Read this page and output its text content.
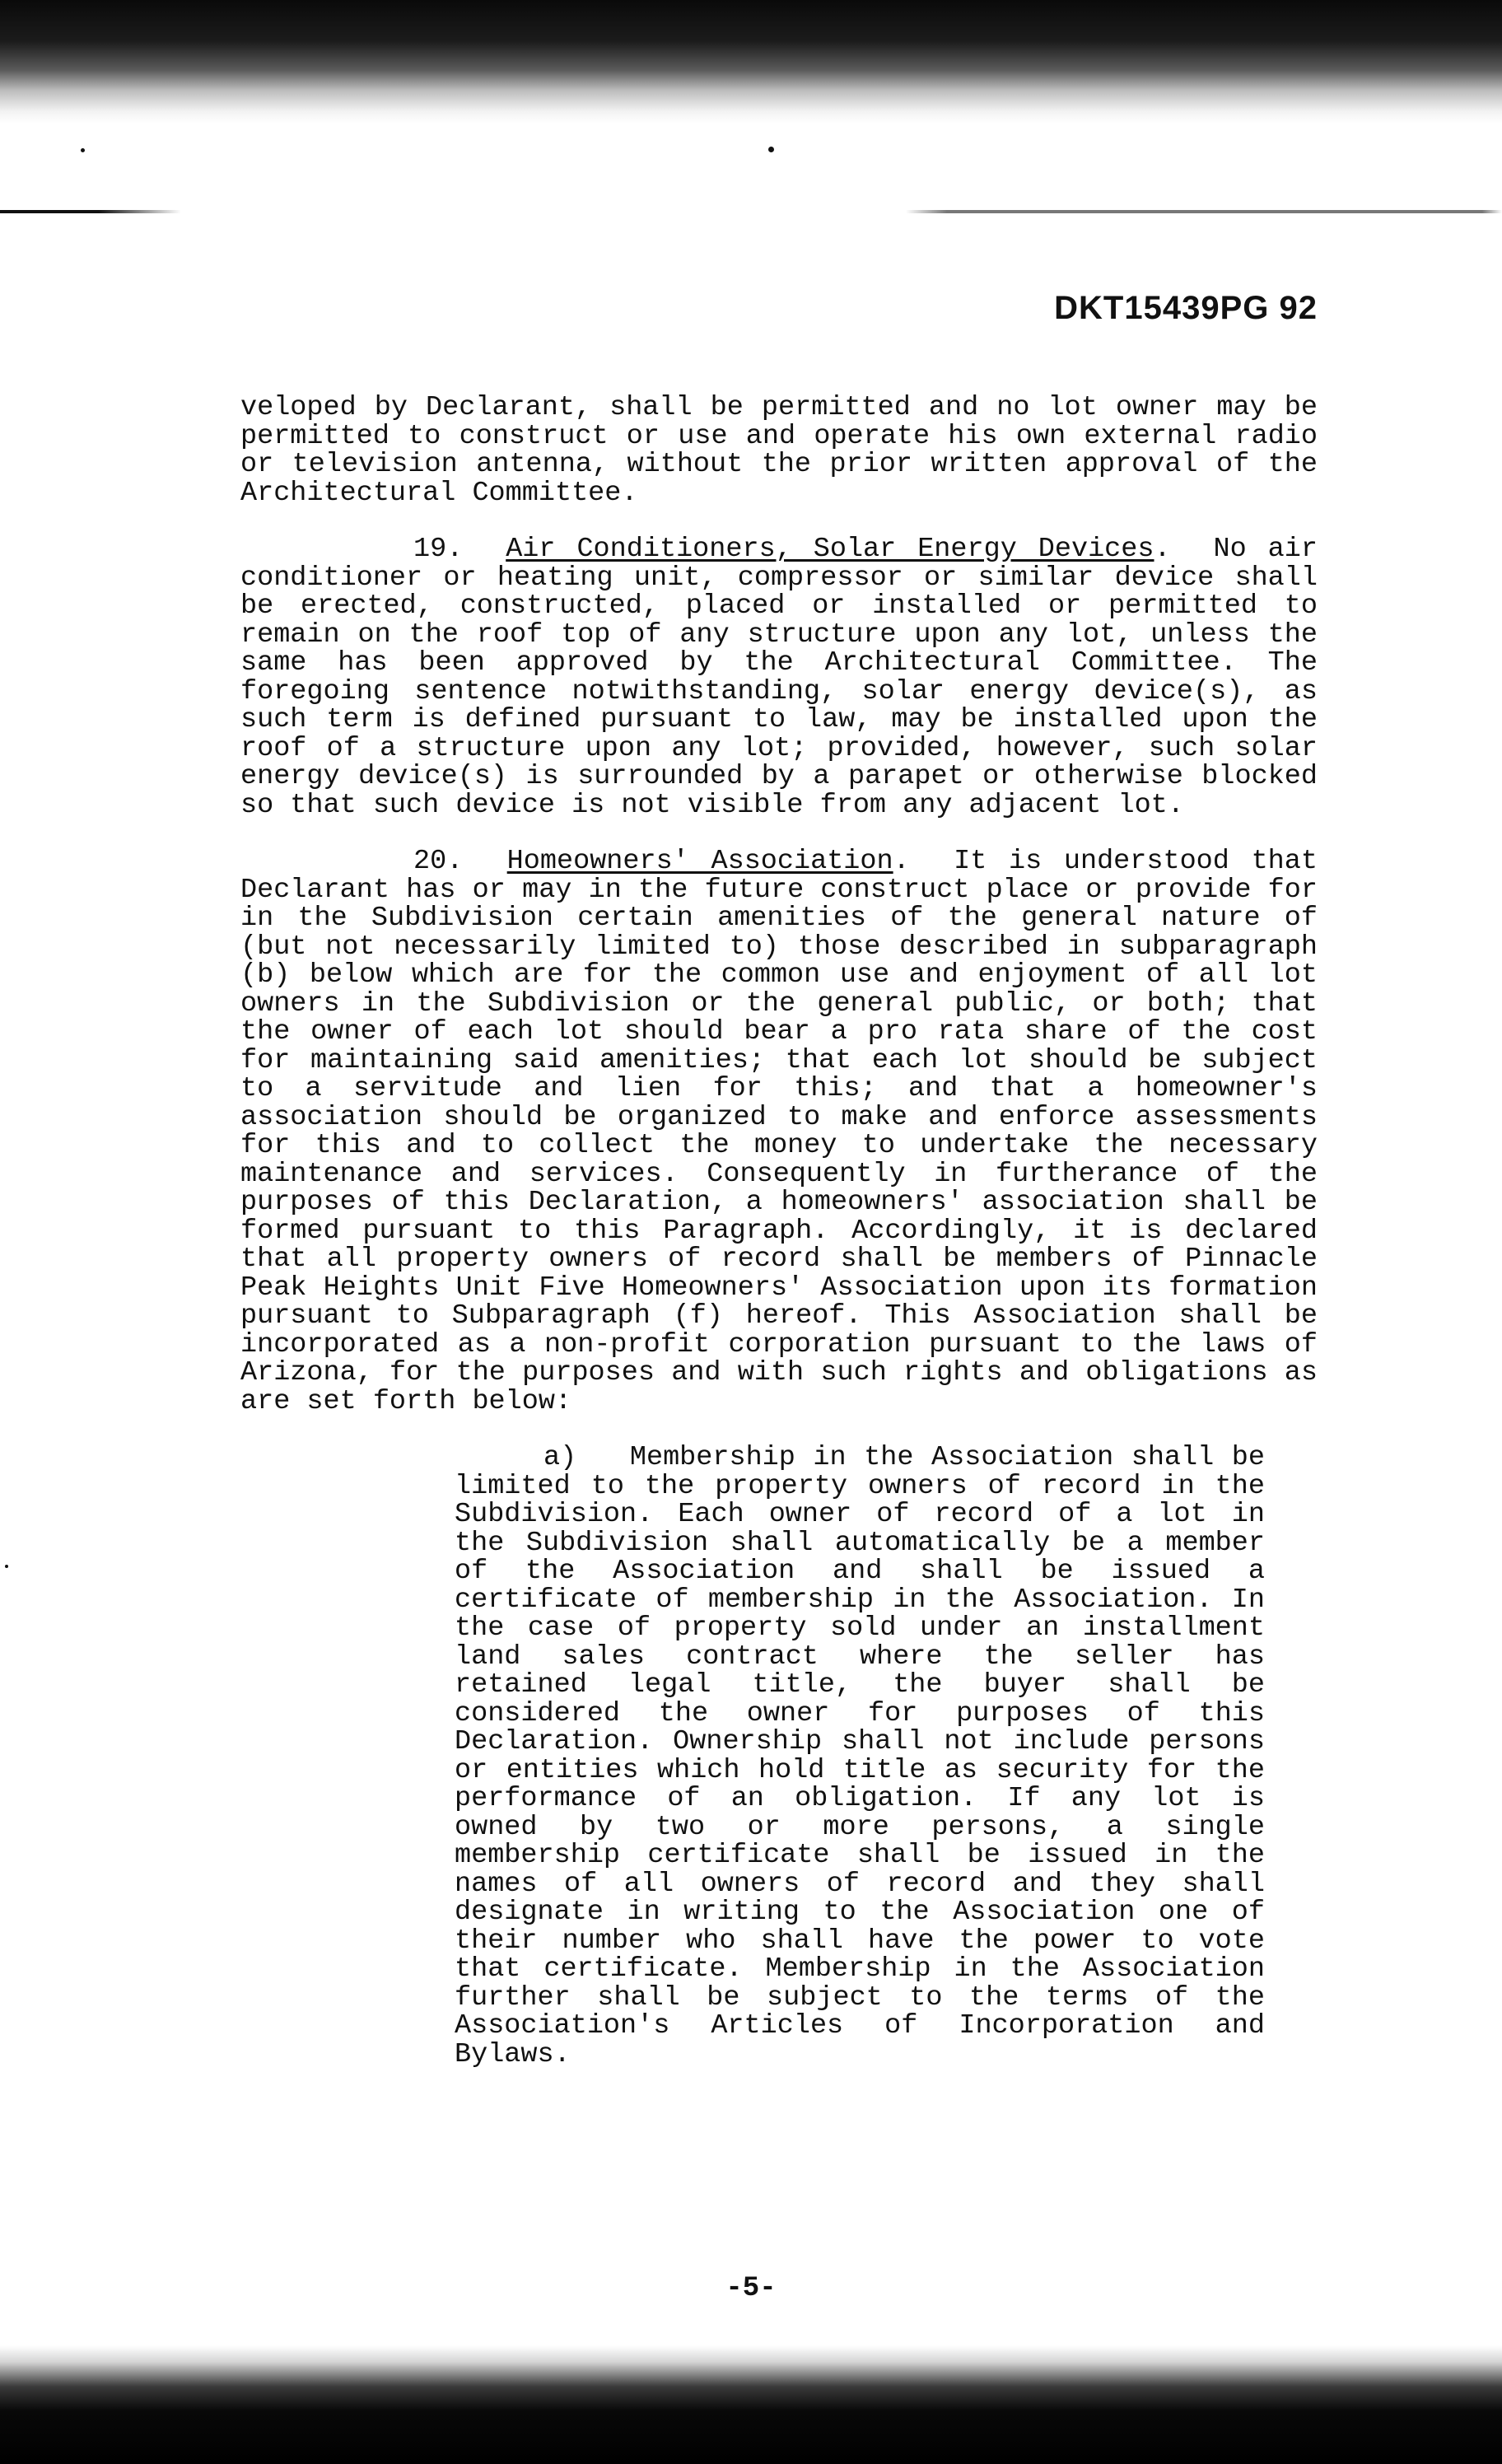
DKT15439PG 92

veloped by Declarant, shall be permitted and no lot owner may be permitted to construct or use and operate his own external radio or television antenna, without the prior written approval of the Architectural Committee.

19. Air Conditioners, Solar Energy Devices. No air conditioner or heating unit, compressor or similar device shall be erected, constructed, placed or installed or permitted to remain on the roof top of any structure upon any lot, unless the same has been approved by the Architectural Committee. The foregoing sentence notwithstanding, solar energy device(s), as such term is defined pursuant to law, may be installed upon the roof of a structure upon any lot; provided, however, such solar energy device(s) is surrounded by a parapet or otherwise blocked so that such device is not visible from any adjacent lot.

20. Homeowners' Association. It is understood that Declarant has or may in the future construct place or provide for in the Subdivision certain amenities of the general nature of (but not necessarily limited to) those described in subparagraph (b) below which are for the common use and enjoyment of all lot owners in the Subdivision or the general public, or both; that the owner of each lot should bear a pro rata share of the cost for maintaining said amenities; that each lot should be subject to a servitude and lien for this; and that a homeowner's association should be organized to make and enforce assessments for this and to collect the money to undertake the necessary maintenance and services. Consequently in furtherance of the purposes of this Declaration, a homeowners' association shall be formed pursuant to this Paragraph. Accordingly, it is declared that all property owners of record shall be members of Pinnacle Peak Heights Unit Five Homeowners' Association upon its formation pursuant to Subparagraph (f) hereof. This Association shall be incorporated as a non-profit corporation pursuant to the laws of Arizona, for the purposes and with such rights and obligations as are set forth below:

a) Membership in the Association shall be limited to the property owners of record in the Subdivision. Each owner of record of a lot in the Subdivision shall automatically be a member of the Association and shall be issued a certificate of membership in the Association. In the case of property sold under an installment land sales contract where the seller has retained legal title, the buyer shall be considered the owner for purposes of this Declaration. Ownership shall not include persons or entities which hold title as security for the performance of an obligation. If any lot is owned by two or more persons, a single membership certificate shall be issued in the names of all owners of record and they shall designate in writing to the Association one of their number who shall have the power to vote that certificate. Membership in the Association further shall be subject to the terms of the Association's Articles of Incorporation and Bylaws.

-5-
